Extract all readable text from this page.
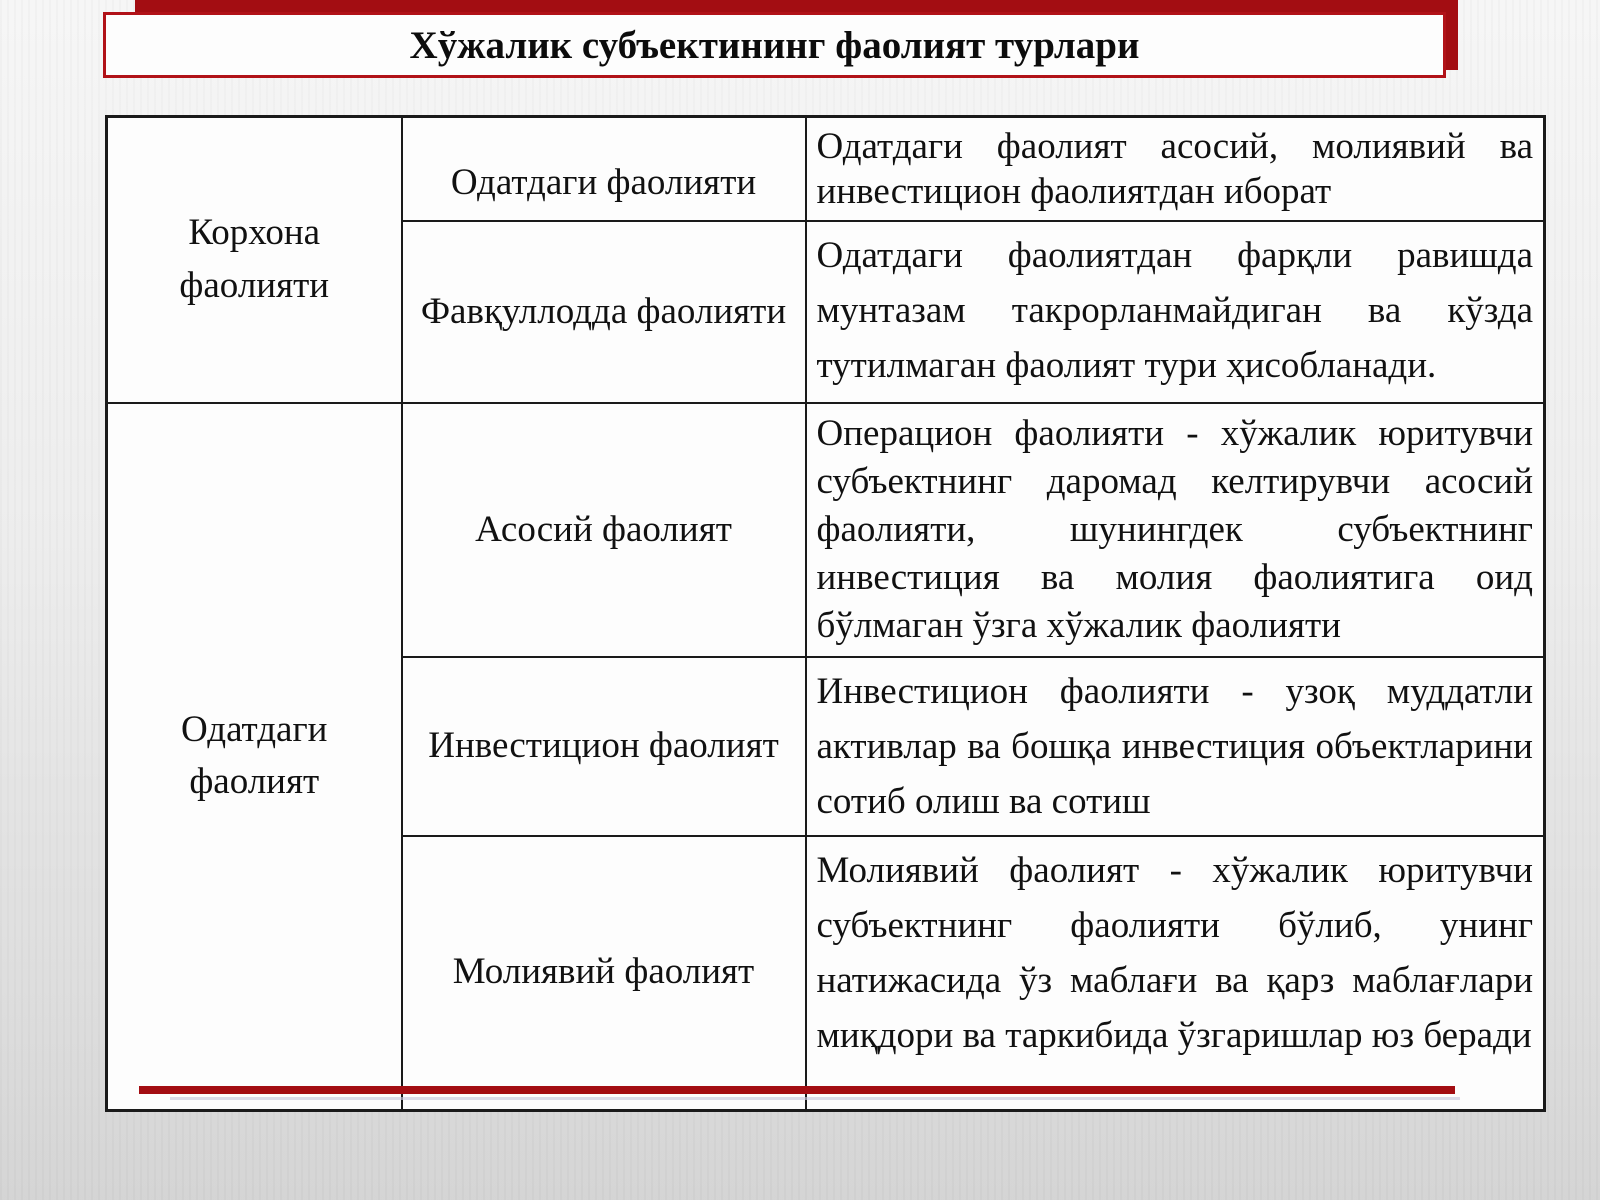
Хўжалик субъектининг фаолият турлари
Корхона фаолияти	Одатдаги фаолияти	Одатдаги фаолият асосий, молиявий ва инвестицион фаолиятдан иборат
	Фавқуллодда фаолияти	Одатдаги фаолиятдан фарқли равишда мунтазам такрорланмайдиган ва кўзда тутилмаган фаолият тури ҳисобланади.
Одатдаги фаолият	Асосий фаолият	Операцион фаолияти - хўжалик юритувчи субъектнинг даромад келтирувчи асосий фаолияти, шунингдек субъектнинг инвестиция ва молия фаолиятига оид бўлмаган ўзга хўжалик фаолияти
	Инвестицион фаолият	Инвестицион фаолияти - узоқ муддатли активлар ва бошқа инвестиция объектларини сотиб олиш ва сотиш
	Молиявий фаолият	Молиявий фаолият - хўжалик юритувчи субъектнинг фаолияти бўлиб, унинг натижасида ўз маблағи ва қарз маблағлари миқдори ва таркибида ўзгаришлар юз беради
